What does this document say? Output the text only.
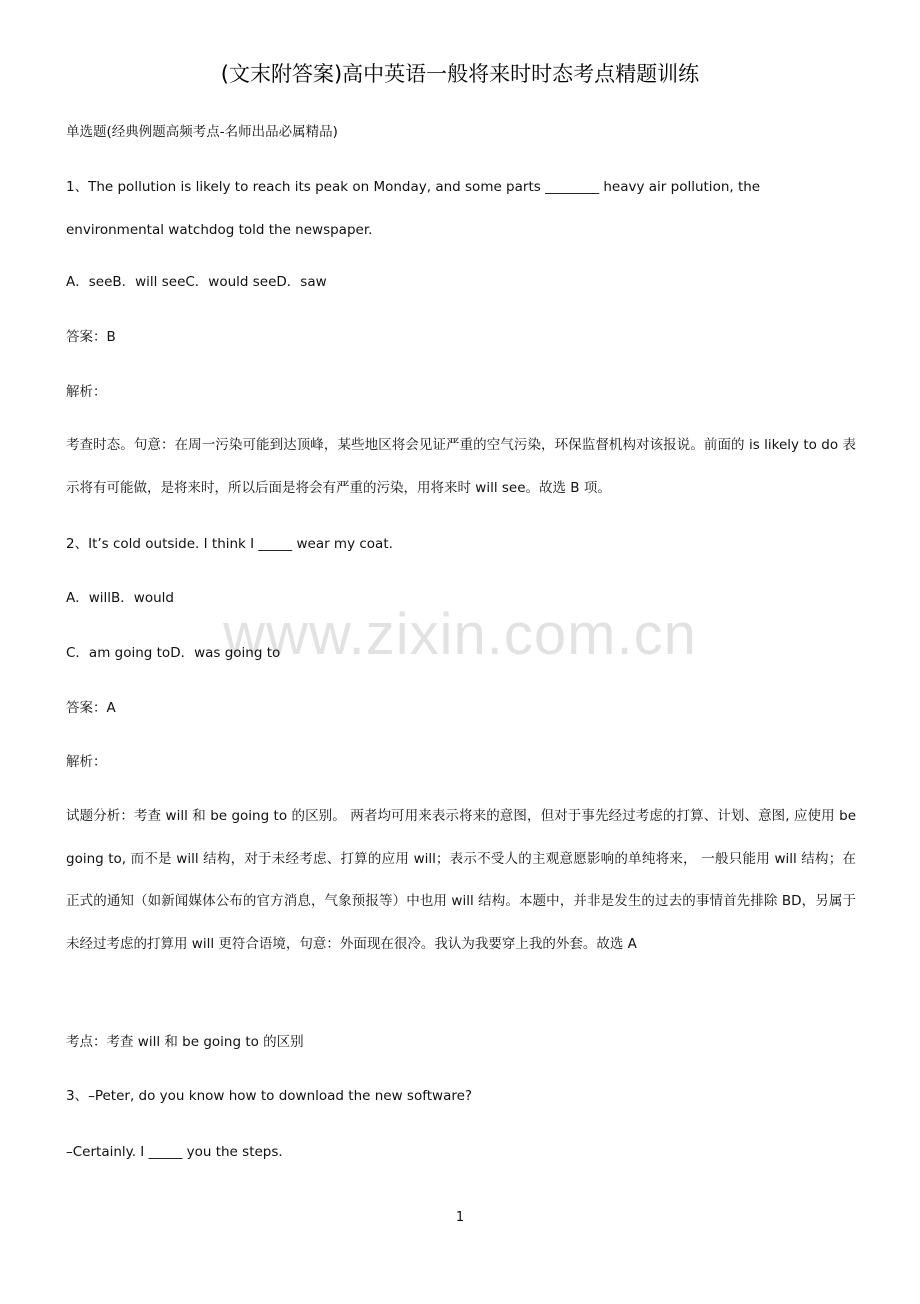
(文末附答案)高中英语一般将来时时态考点精题训练
单选题(经典例题高频考点-名师出品必属精品)
1、The pollution is likely to reach its peak on Monday, and some parts ________ heavy air pollution, the
environmental watchdog told the newspaper.
A．seeB．will seeC．would seeD．saw
答案：B
解析：

考查时态。句意：在周一污染可能到达顶峰，某些地区将会见证严重的空气污染，环保监督机构对该报说。前面的 is likely to do 表示将有可能做，是将来时，所以后面是将会有严重的污染，用将来时 will see。故选 B 项。

2、It’s cold outside. I think I _____ wear my coat.
A．willB．would
C．am going toD．was going to
答案：A
解析：

试题分析：考查 will 和 be going to 的区别。 两者均可用来表示将来的意图，但对于事先经过考虑的打算、计划、意图, 应使用 be going to, 而不是 will 结构，对于未经考虑、打算的应用 will；表示不受人的主观意愿影响的单纯将来， 一般只能用 will 结构；在正式的通知（如新闻媒体公布的官方消息，气象预报等）中也用 will 结构。本题中，并非是发生的过去的事情首先排除 BD，另属于未经过考虑的打算用 will 更符合语境，句意：外面现在很冷。我认为我要穿上我的外套。故选 A

考点：考查 will 和 be going to 的区别
3、–Peter, do you know how to download the new software?
–Certainly. I _____ you the steps.
www.zixin.com.cn
1
